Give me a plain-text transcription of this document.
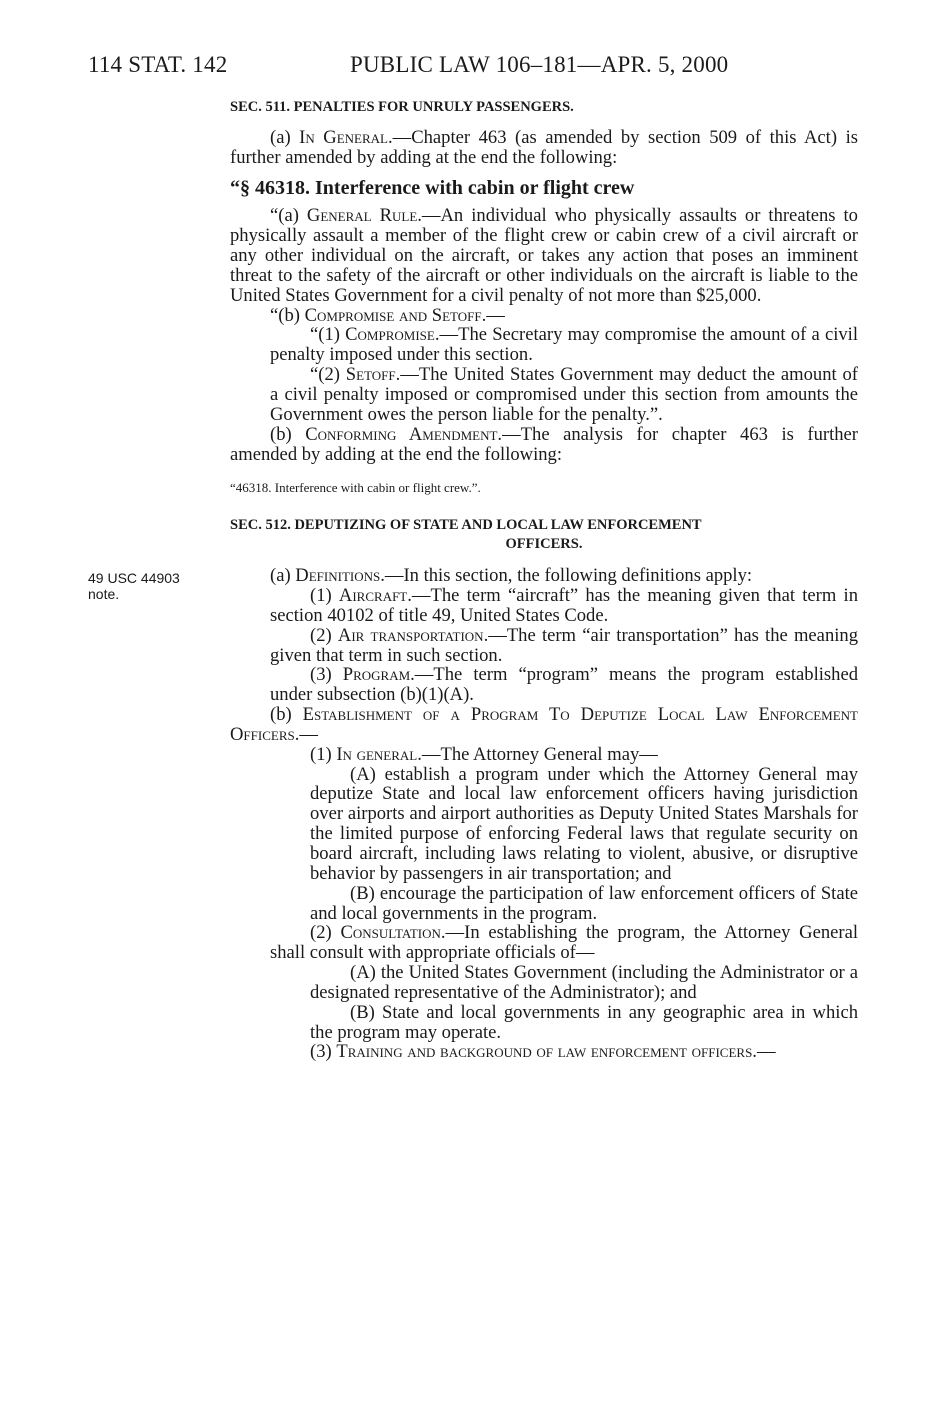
114 STAT. 142	PUBLIC LAW 106–181—APR. 5, 2000
49 USC 44903
note.

SEC. 511. PENALTIES FOR UNRULY PASSENGERS.

(a) In General.—Chapter 463 (as amended by section 509 of this Act) is further amended by adding at the end the following:

“§ 46318. Interference with cabin or flight crew

“(a) General Rule.—An individual who physically assaults or threatens to physically assault a member of the flight crew or cabin crew of a civil aircraft or any other individual on the aircraft, or takes any action that poses an imminent threat to the safety of the aircraft or other individuals on the aircraft is liable to the United States Government for a civil penalty of not more than $25,000.

“(b) Compromise and Setoff.—

“(1) Compromise.—The Secretary may compromise the amount of a civil penalty imposed under this section.

“(2) Setoff.—The United States Government may deduct the amount of a civil penalty imposed or compromised under this section from amounts the Government owes the person liable for the penalty.”.

(b) Conforming Amendment.—The analysis for chapter 463 is further amended by adding at the end the following:

“46318. Interference with cabin or flight crew.”.

SEC. 512. DEPUTIZING OF STATE AND LOCAL LAW ENFORCEMENT
OFFICERS.

(a) Definitions.—In this section, the following definitions apply:

(1) Aircraft.—The term “aircraft” has the meaning given that term in section 40102 of title 49, United States Code.

(2) Air transportation.—The term “air transportation” has the meaning given that term in such section.

(3) Program.—The term “program” means the program established under subsection (b)(1)(A).

(b) Establishment of a Program To Deputize Local Law Enforcement Officers.—

(1) In general.—The Attorney General may—

(A) establish a program under which the Attorney General may deputize State and local law enforcement officers having jurisdiction over airports and airport authorities as Deputy United States Marshals for the limited purpose of enforcing Federal laws that regulate security on board aircraft, including laws relating to violent, abusive, or disruptive behavior by passengers in air transportation; and

(B) encourage the participation of law enforcement officers of State and local governments in the program.

(2) Consultation.—In establishing the program, the Attorney General shall consult with appropriate officials of—

(A) the United States Government (including the Administrator or a designated representative of the Administrator); and

(B) State and local governments in any geographic area in which the program may operate.

(3) Training and background of law enforcement officers.—
